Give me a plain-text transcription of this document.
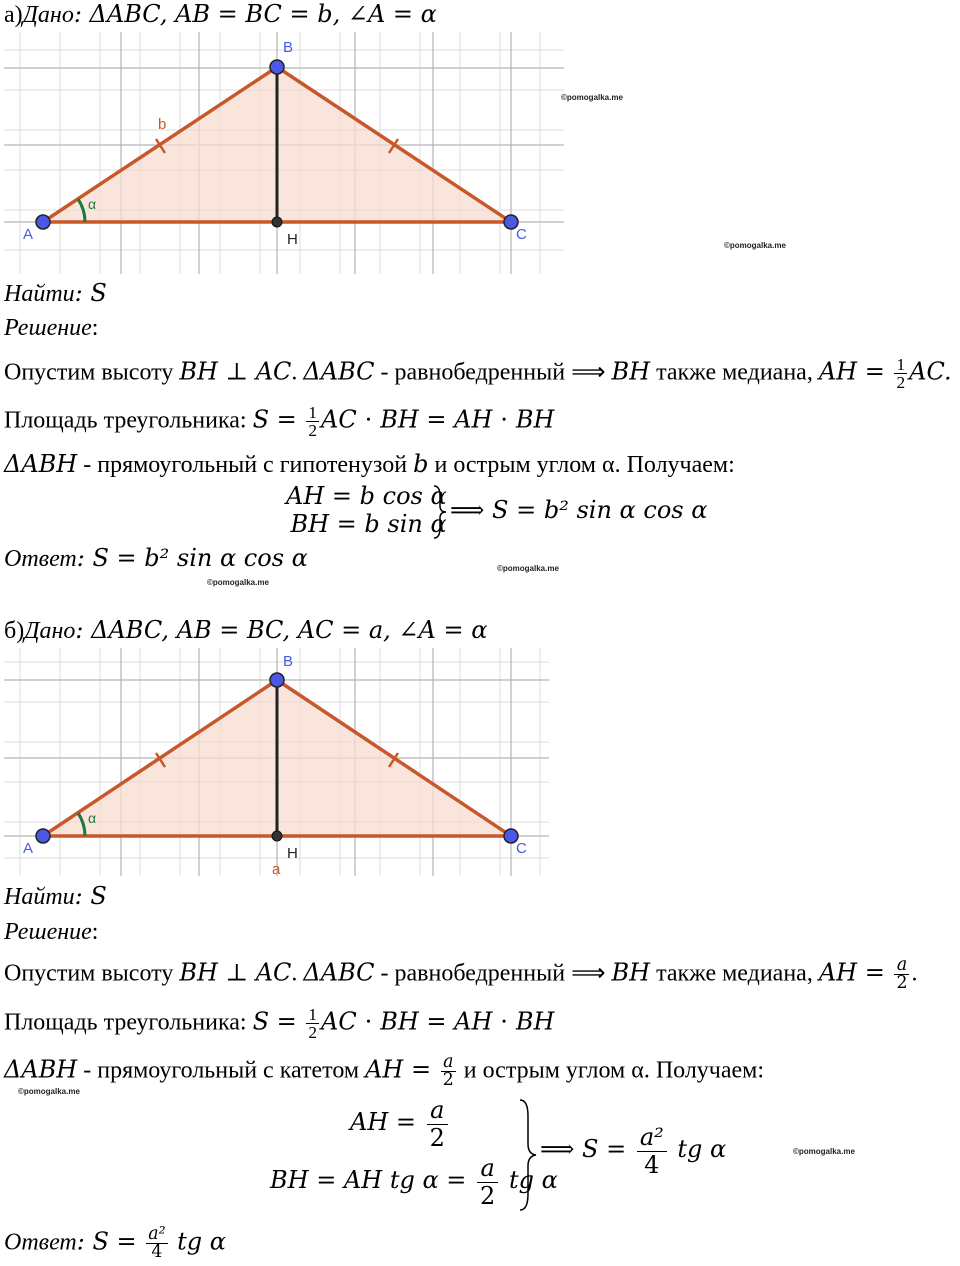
а)Дано: ΔABC, AB = BC = b, ∠A = α
A
B
C
H
b
α
©pomogalka.me
©pomogalka.me
Найти: S
Решение:
Опустим высоту BH ⊥ AC. ΔABC - равнобедренный ⟹ BH также медиана, AH = $\frac{1}{2}$ AC.
Площадь треугольника: $S = \frac{1}{2}$ AC ⋅ BH = AH ⋅ BH
ΔABH - прямоугольный с гипотенузой b и острым углом α. Получаем:
AH = b cos α
BH = b sin α ⟹ S = b² sin α cos α
Ответ: S = b² sin α cos α
©pomogalka.me
©pomogalka.me
б)Дано: ΔABC, AB = BC, AC = a, ∠A = α
A
B
C
H
a
α
Найти: S
Решение:
Опустим высоту BH ⊥ AC. ΔABC - равнобедренный ⟹ BH также медиана, AH = $\frac{a}{2}$ .
Площадь треугольника: $S = \frac{1}{2}$ AC ⋅ BH = AH ⋅ BH
ΔABH - прямоугольный с катетом AH = $\frac{a}{2}$ и острым углом α. Получаем:
©pomogalka.me
AH = $\frac{a}{2}$
BH = AH tg $\alpha = \frac{a}{2}$ tg α
⟹ $S = \frac{\text{a²}}{4}$ tg α	©pomogalka.me
Ответ: $S = \frac{\text{a²}}{4}$ tg α
